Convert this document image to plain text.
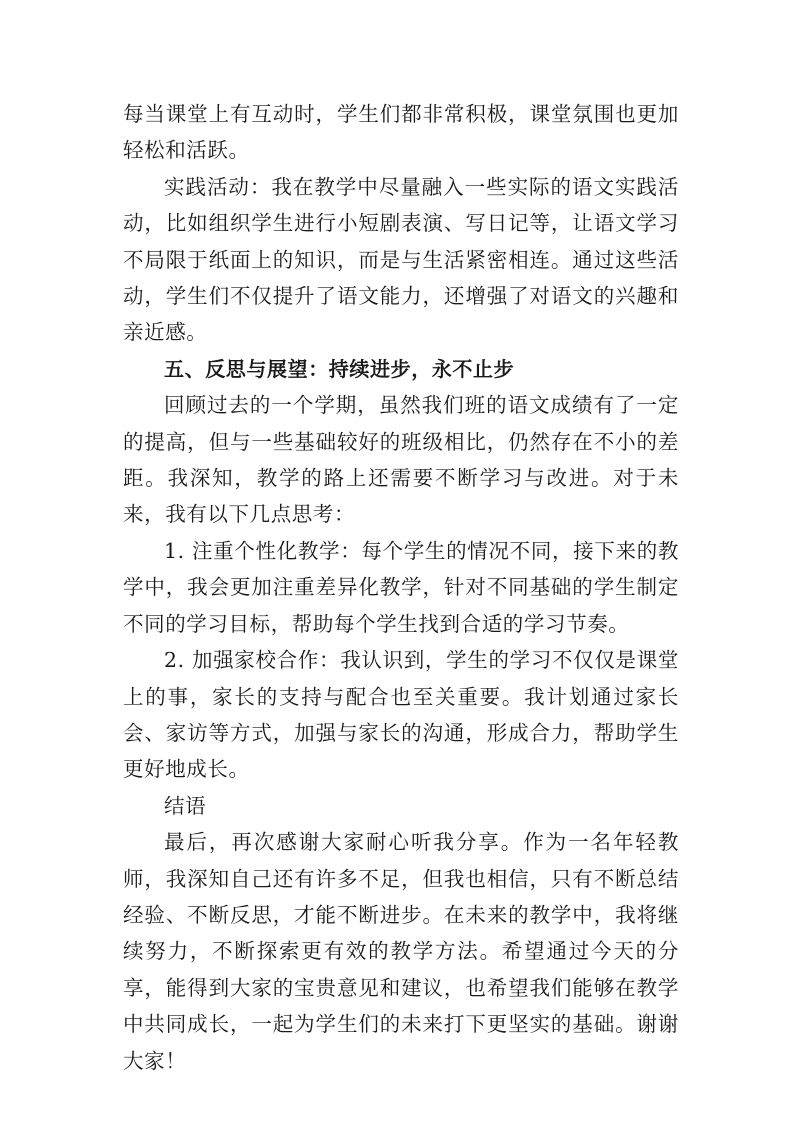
每当课堂上有互动时，学生们都非常积极，课堂氛围也更加轻松和活跃。

实践活动：我在教学中尽量融入一些实际的语文实践活动，比如组织学生进行小短剧表演、写日记等，让语文学习不局限于纸面上的知识，而是与生活紧密相连。通过这些活动，学生们不仅提升了语文能力，还增强了对语文的兴趣和亲近感。

五、反思与展望：持续进步，永不止步

回顾过去的一个学期，虽然我们班的语文成绩有了一定的提高，但与一些基础较好的班级相比，仍然存在不小的差距。我深知，教学的路上还需要不断学习与改进。对于未来，我有以下几点思考：

1. 注重个性化教学：每个学生的情况不同，接下来的教学中，我会更加注重差异化教学，针对不同基础的学生制定不同的学习目标，帮助每个学生找到合适的学习节奏。

2. 加强家校合作：我认识到，学生的学习不仅仅是课堂上的事，家长的支持与配合也至关重要。我计划通过家长会、家访等方式，加强与家长的沟通，形成合力，帮助学生更好地成长。

结语

最后，再次感谢大家耐心听我分享。作为一名年轻教师，我深知自己还有许多不足，但我也相信，只有不断总结经验、不断反思，才能不断进步。在未来的教学中，我将继续努力，不断探索更有效的教学方法。希望通过今天的分享，能得到大家的宝贵意见和建议，也希望我们能够在教学中共同成长，一起为学生们的未来打下更坚实的基础。谢谢大家！
